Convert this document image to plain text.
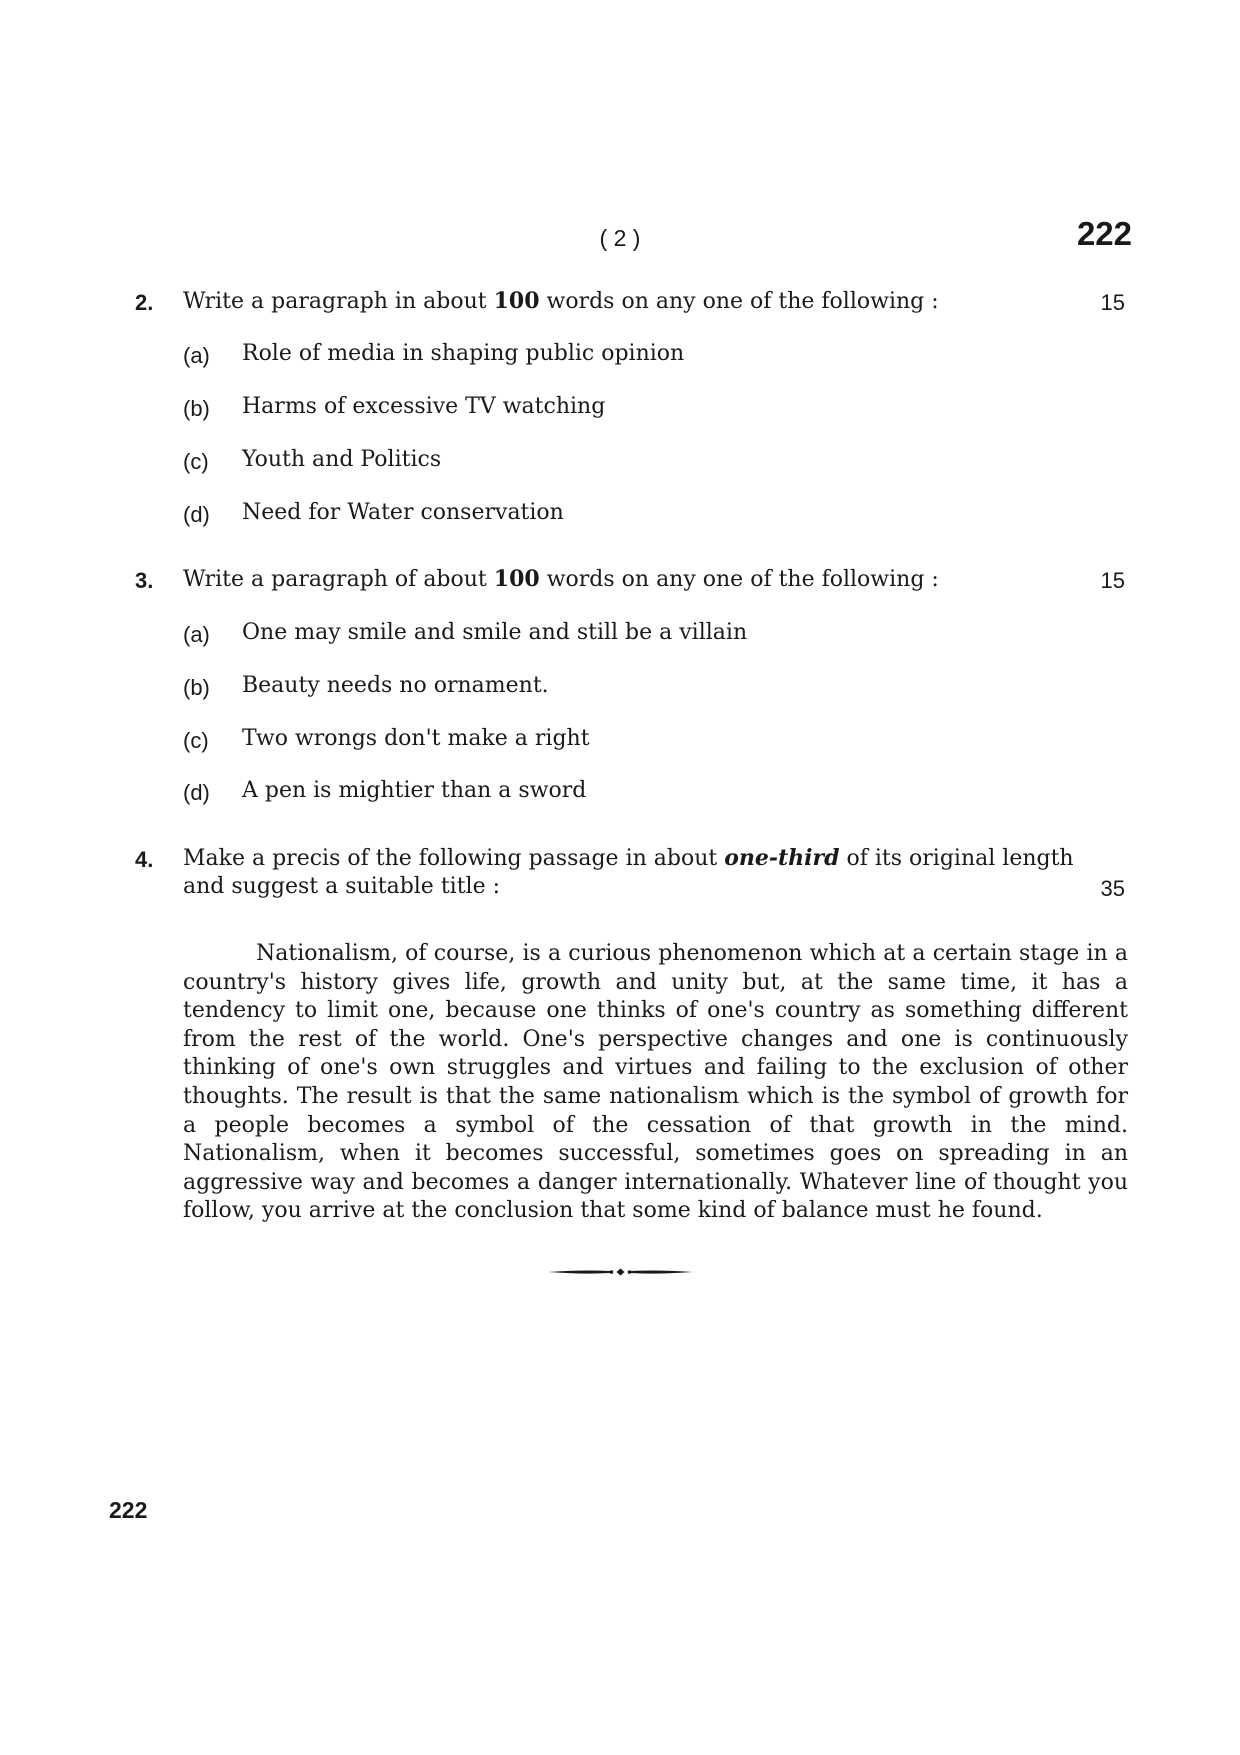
( 2 )	222
2. Write a paragraph in about 100 words on any one of the following :	15
(a) Role of media in shaping public opinion
(b) Harms of excessive TV watching
(c) Youth and Politics
(d) Need for Water conservation
3. Write a paragraph of about 100 words on any one of the following :	15
(a) One may smile and smile and still be a villain
(b) Beauty needs no ornament.
(c) Two wrongs don't make a right
(d) A pen is mightier than a sword
4. Make a precis of the following passage in about one-third of its original length
and suggest a suitable title :	35

Nationalism, of course, is a curious phenomenon which at a certain stage in a country's history gives life, growth and unity but, at the same time, it has a tendency to limit one, because one thinks of one's country as something different from the rest of the world. One's perspective changes and one is continuously thinking of one's own struggles and virtues and failing to the exclusion of other thoughts. The result is that the same nationalism which is the symbol of growth for a people becomes a symbol of the cessation of that growth in the mind. Nationalism, when it becomes successful, sometimes goes on spreading in an aggressive way and becomes a danger internationally. Whatever line of thought you follow, you arrive at the conclusion that some kind of balance must he found.

222
